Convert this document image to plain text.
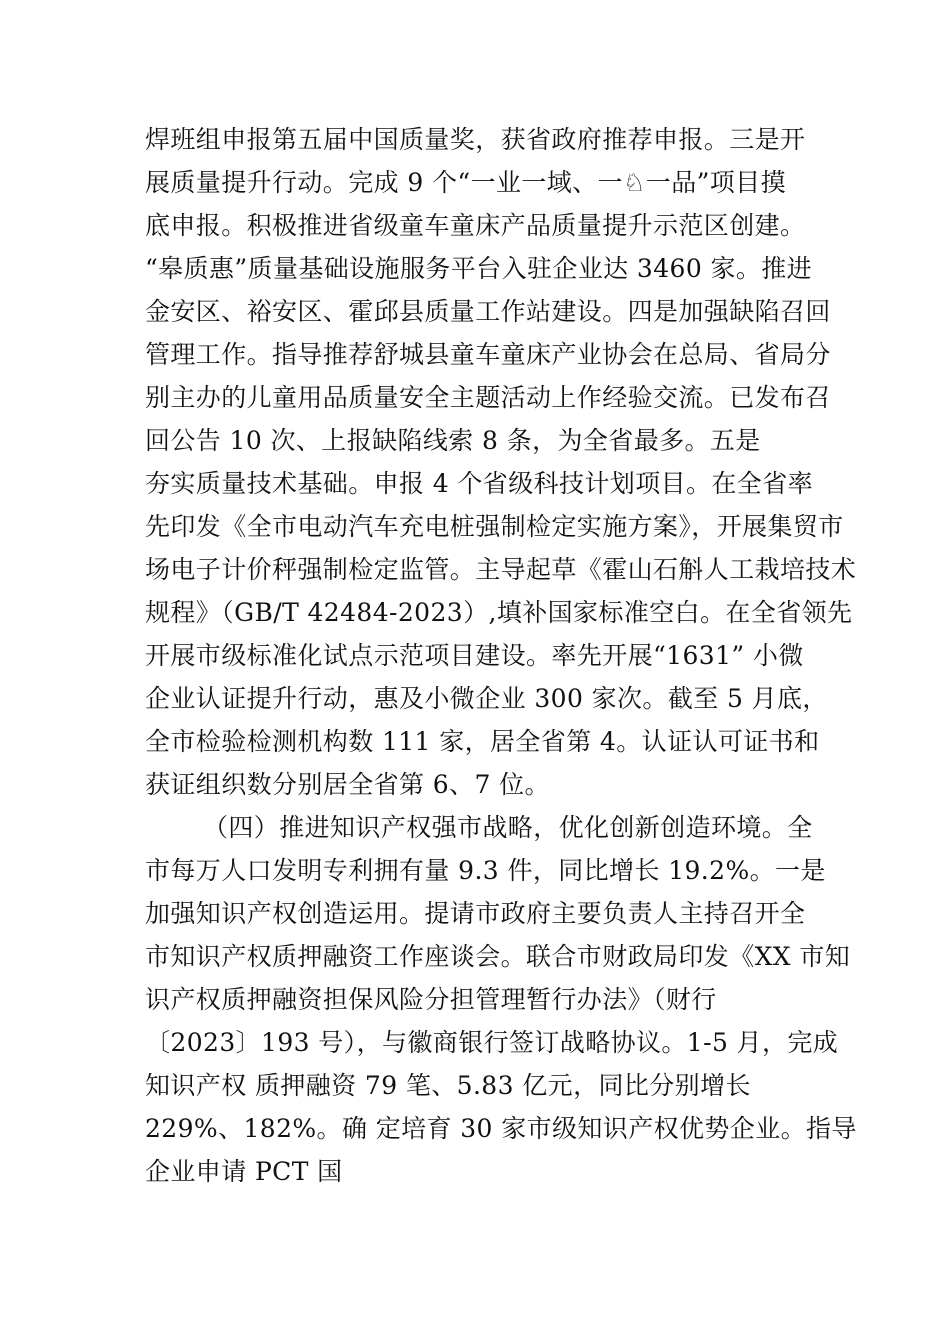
焊班组申报第五届中国质量奖，获省政府推荐申报。三是开
展质量提升行动。完成 9 个“一业一域、一♘一品”项目摸
底申报。积极推进省级童车童床产品质量提升示范区创建。
“皋质惠”质量基础设施服务平台入驻企业达 3460 家。推进
金安区、裕安区、霍邱县质量工作站建设。四是加强缺陷召回
管理工作。指导推荐舒城县童车童床产业协会在总局、省局分
别主办的儿童用品质量安全主题活动上作经验交流。已发布召
回公告 10 次、上报缺陷线索 8 条，为全省最多。五是
夯实质量技术基础。申报 4 个省级科技计划项目。在全省率
先印发《全市电动汽车充电桩强制检定实施方案》，开展集贸市
场电子计价秤强制检定监管。主导起草《霍山石斛人工栽培技术
规程》（GB/T 42484-2023）,填补国家标准空白。在全省领先
开展市级标准化试点示范项目建设。率先开展“1631” 小微
企业认证提升行动，惠及小微企业 300 家次。截至 5 月底，
全市检验检测机构数 111 家，居全省第 4。认证认可证书和
获证组织数分别居全省第 6、7 位。
（四）推进知识产权强市战略，优化创新创造环境。全
市每万人口发明专利拥有量 9.3 件，同比增长 19.2%。一是
加强知识产权创造运用。提请市政府主要负责人主持召开全
市知识产权质押融资工作座谈会。联合市财政局印发《XX 市知
识产权质押融资担保风险分担管理暂行办法》（财行
〔2023〕193 号），与徽商银行签订战略协议。1-5 月，完成
知识产权 质押融资 79 笔、5.83 亿元，同比分别增长
229%、182%。确 定培育 30 家市级知识产权优势企业。指导
企业申请 PCT 国
